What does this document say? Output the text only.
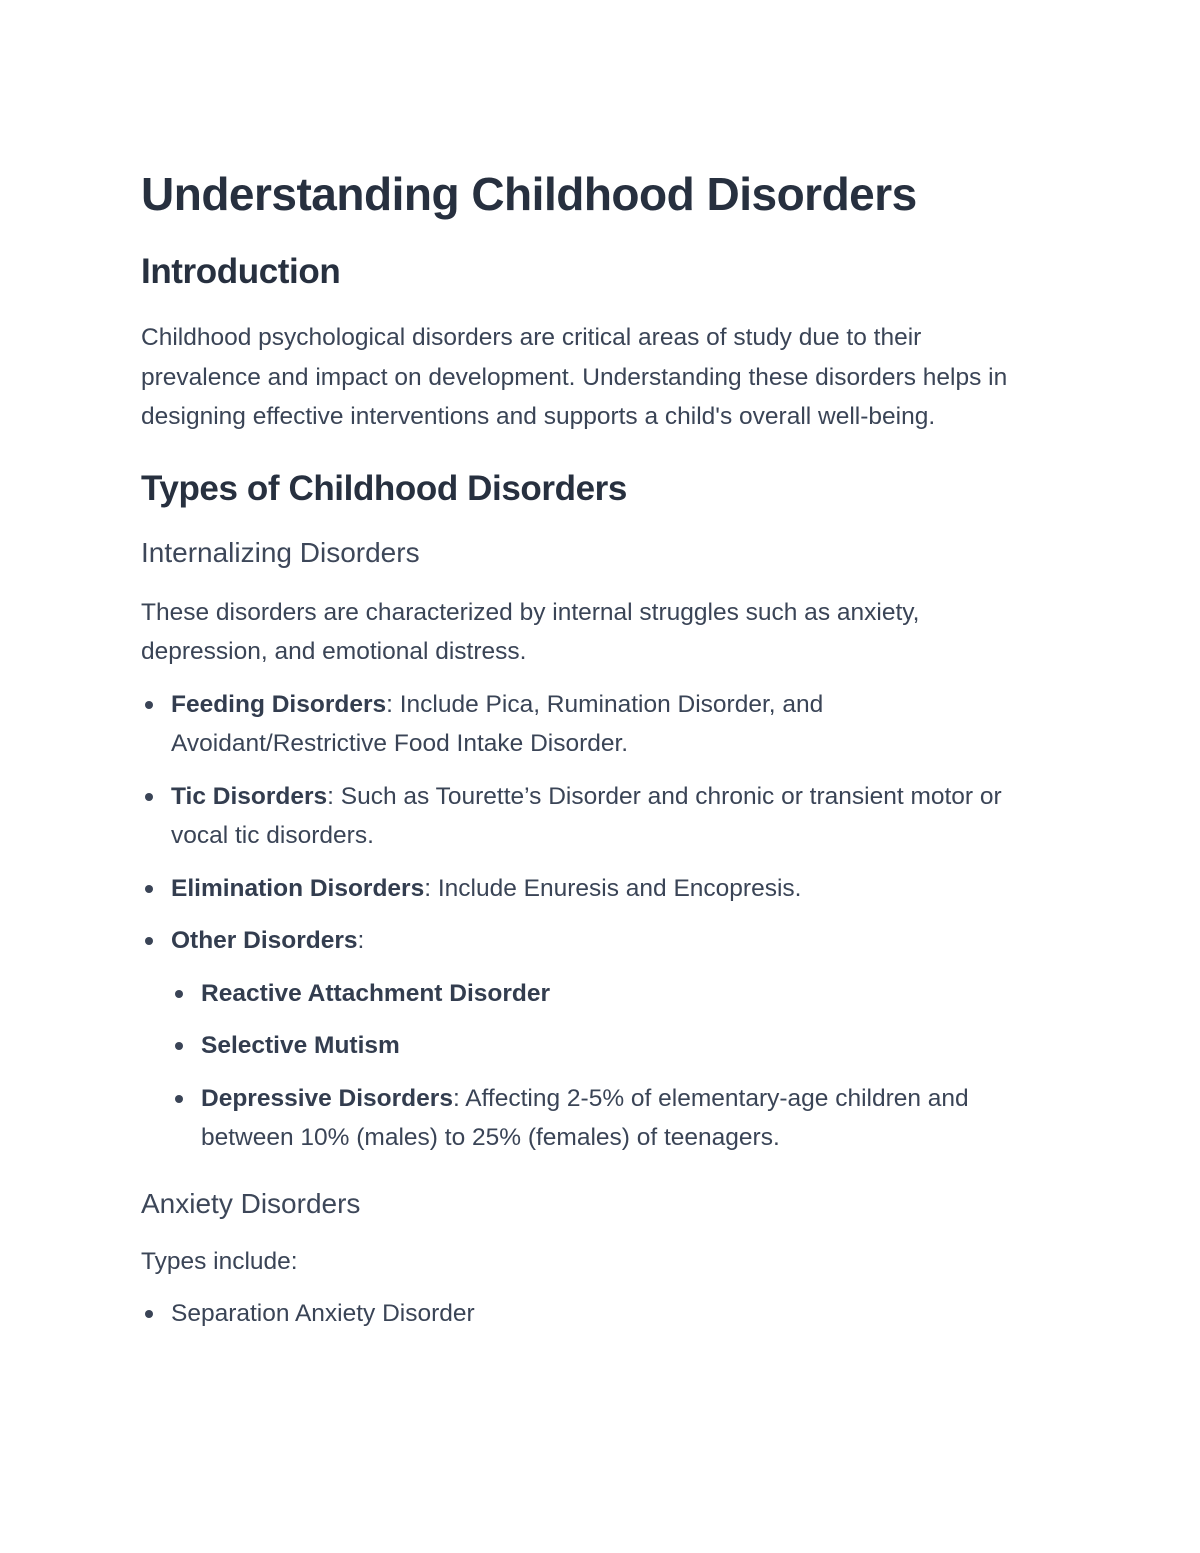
Understanding Childhood Disorders
Introduction

Childhood psychological disorders are critical areas of study due to their prevalence and impact on development. Understanding these disorders helps in designing effective interventions and supports a child's overall well-being.

Types of Childhood Disorders
Internalizing Disorders

These disorders are characterized by internal struggles such as anxiety, depression, and emotional distress.

Feeding Disorders: Include Pica, Rumination Disorder, and Avoidant/Restrictive Food Intake Disorder.
Tic Disorders: Such as Tourette’s Disorder and chronic or transient motor or vocal tic disorders.
Elimination Disorders: Include Enuresis and Encopresis.
Other Disorders:
Reactive Attachment Disorder
Selective Mutism
Depressive Disorders: Affecting 2-5% of elementary-age children and between 10% (males) to 25% (females) of teenagers.
Anxiety Disorders

Types include:

Separation Anxiety Disorder
